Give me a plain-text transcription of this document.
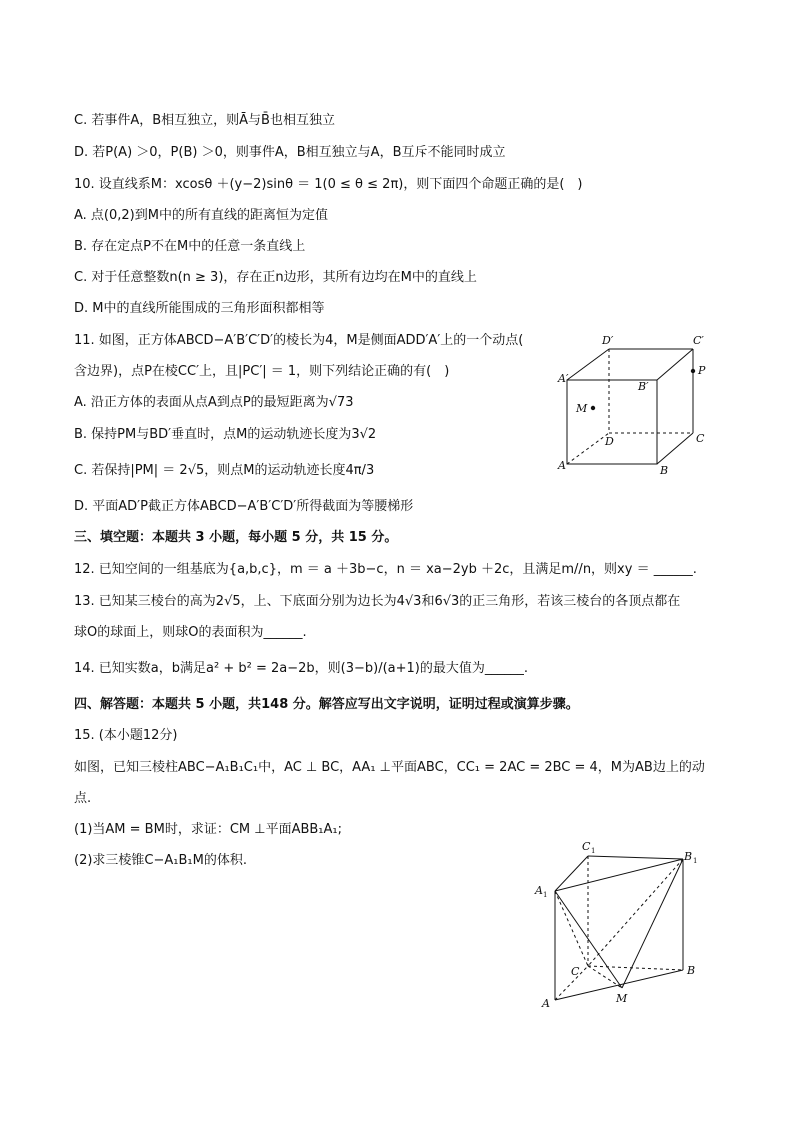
C. 若事件A，B相互独立，则Ā与B̄也相互独立
D. 若P(A) ＞0，P(B) ＞0，则事件A，B相互独立与A，B互斥不能同时成立
10. 设直线系M：xcosθ ＋(y−2)sinθ ＝ 1(0 ≤ θ ≤ 2π)，则下面四个命题正确的是(　)
A. 点(0,2)到M中的所有直线的距离恒为定值
B. 存在定点P不在M中的任意一条直线上
C. 对于任意整数n(n ≥ 3)，存在正n边形，其所有边均在M中的直线上
D. M中的直线所能围成的三角形面积都相等
11. 如图，正方体ABCD−A′B′C′D′的棱长为4，M是侧面ADD′A′上的一个动点(
含边界)，点P在棱CC′上，且|PC′| ＝ 1，则下列结论正确的有(　)
A. 沿正方体的表面从点A到点P的最短距离为√73
B. 保持PM与BD′垂直时，点M的运动轨迹长度为3√2
C. 若保持|PM| ＝ 2√5，则点M的运动轨迹长度4π/3
D. 平面AD′P截正方体ABCD−A′B′C′D′所得截面为等腰梯形
三、填空题：本题共 3 小题，每小题 5 分，共 15 分。
12. 已知空间的一组基底为{a,b,c}，m ＝ a ＋3b−c，n ＝ xa−2yb ＋2c，且满足m//n，则xy ＝ ______.
13. 已知某三棱台的高为2√5，上、下底面分别为边长为4√3和6√3的正三角形，若该三棱台的各顶点都在
球O的球面上，则球O的表面积为______.
14. 已知实数a，b满足a² + b² = 2a−2b，则(3−b)/(a+1)的最大值为______.
四、解答题：本题共 5 小题，共148 分。解答应写出文字说明，证明过程或演算步骤。
15. (本小题12分)
如图，已知三棱柱ABC−A₁B₁C₁中，AC ⊥ BC，AA₁ ⊥平面ABC，CC₁ = 2AC = 2BC = 4，M为AB边上的动
点.
(1)当AM = BM时，求证：CM ⊥平面ABB₁A₁;
(2)求三棱锥C−A₁B₁M的体积.
D′	C′
A′
B′
P
M
D	C
A	B
C 1	B 1
A 1
C	B
A	M
